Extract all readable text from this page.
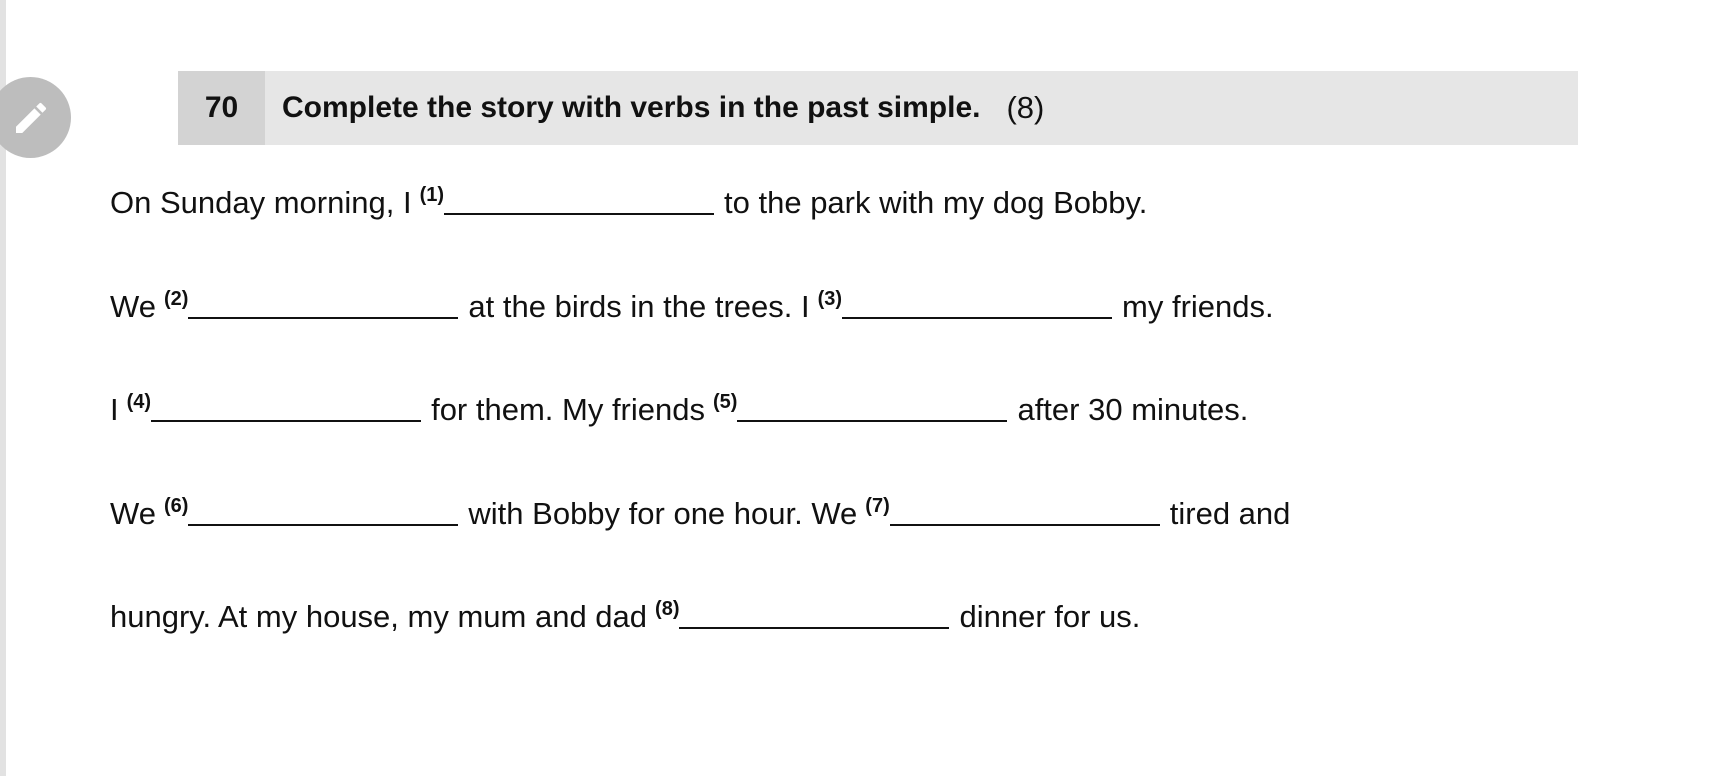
70	Complete the story with verbs in the past simple. (8)
On Sunday morning, I $^{(1)}$	to the park with my dog Bobby.
We $^{(2)}$	at the birds in the trees. I $^{(3)}$	my friends.
I $^{(4)}$	for them. My friends $^{(5)}$	after 30 minutes.
We $^{(6)}$	with Bobby for one hour. We $^{(7)}$	tired and
hungry. At my house, my mum and dad $^{(8)}$	dinner for us.
